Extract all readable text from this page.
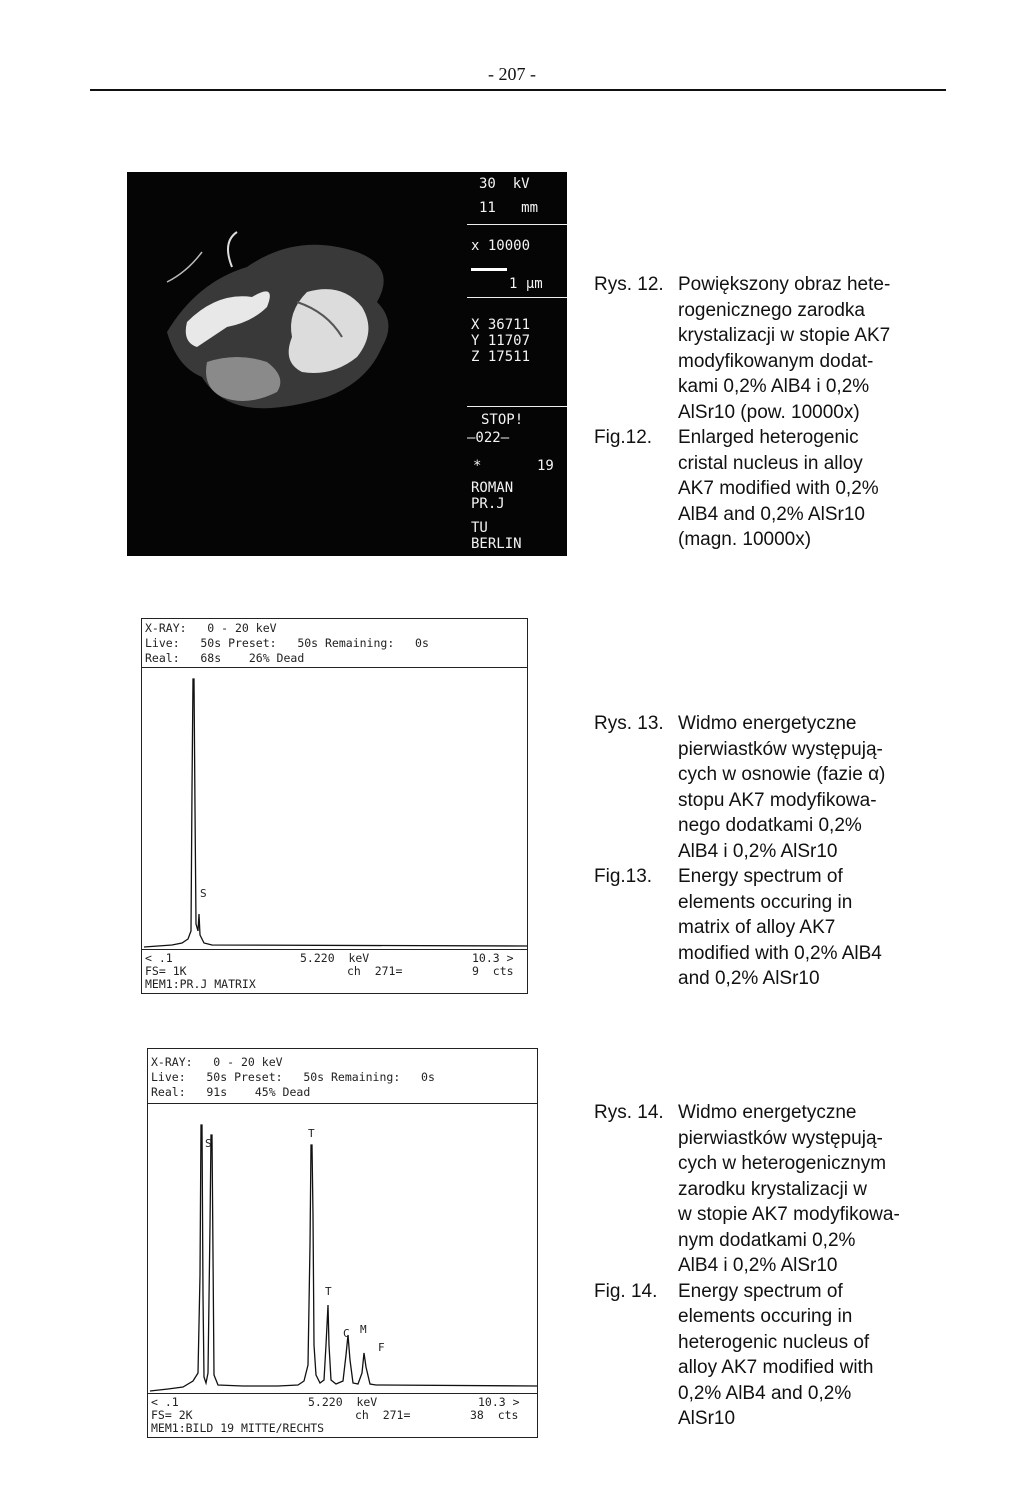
- 207 -
30  kV
11   mm
x 10000
1 µm
X 36711
Y 11707
Z 17511
STOP!
—022—
*	19
ROMAN
PR.J
TU
BERLIN
Rys. 12. Powiększony obraz hete-
rogenicznego zarodka
krystalizacji w stopie AK7
modyfikowanym dodat-
kami 0,2% AlB4 i 0,2%
AlSr10 (pow. 10000x)
Fig.12. Enlarged heterogenic
cristal nucleus in alloy
AK7 modified with 0,2%
AlB4 and 0,2% AlSr10
(magn. 10000x)
X-RAY:   0 - 20 keV
Live:   50s Preset:   50s Remaining:   0s
Real:   68s    26% Dead
S
< .1
FS= 1K
MEM1:PR.J MATRIX
5.220  keV
ch  271=
10.3 >
9  cts
Rys. 13. Widmo energetyczne
pierwiastków występują-
cych w osnowie (fazie α)
stopu AK7 modyfikowa-
nego dodatkami 0,2%
AlB4 i 0,2% AlSr10
Fig.13. Energy spectrum of
elements occuring in
matrix of alloy AK7
modified with 0,2% AlB4
and 0,2% AlSr10
X-RAY:   0 - 20 keV
Live:   50s Preset:   50s Remaining:   0s
Real:   91s    45% Dead
S
T
T
C M
F
< .1
FS= 2K
MEM1:BILD 19 MITTE/RECHTS
5.220  keV
ch  271=
10.3 >
38  cts
Rys. 14. Widmo energetyczne
pierwiastków występują-
cych w heterogenicznym
zarodku krystalizacji w
w stopie AK7 modyfikowa-
nym dodatkami 0,2%
AlB4 i 0,2% AlSr10
Fig. 14. Energy spectrum of
elements occuring in
heterogenic nucleus of
alloy AK7 modified with
0,2% AlB4 and 0,2%
AlSr10
